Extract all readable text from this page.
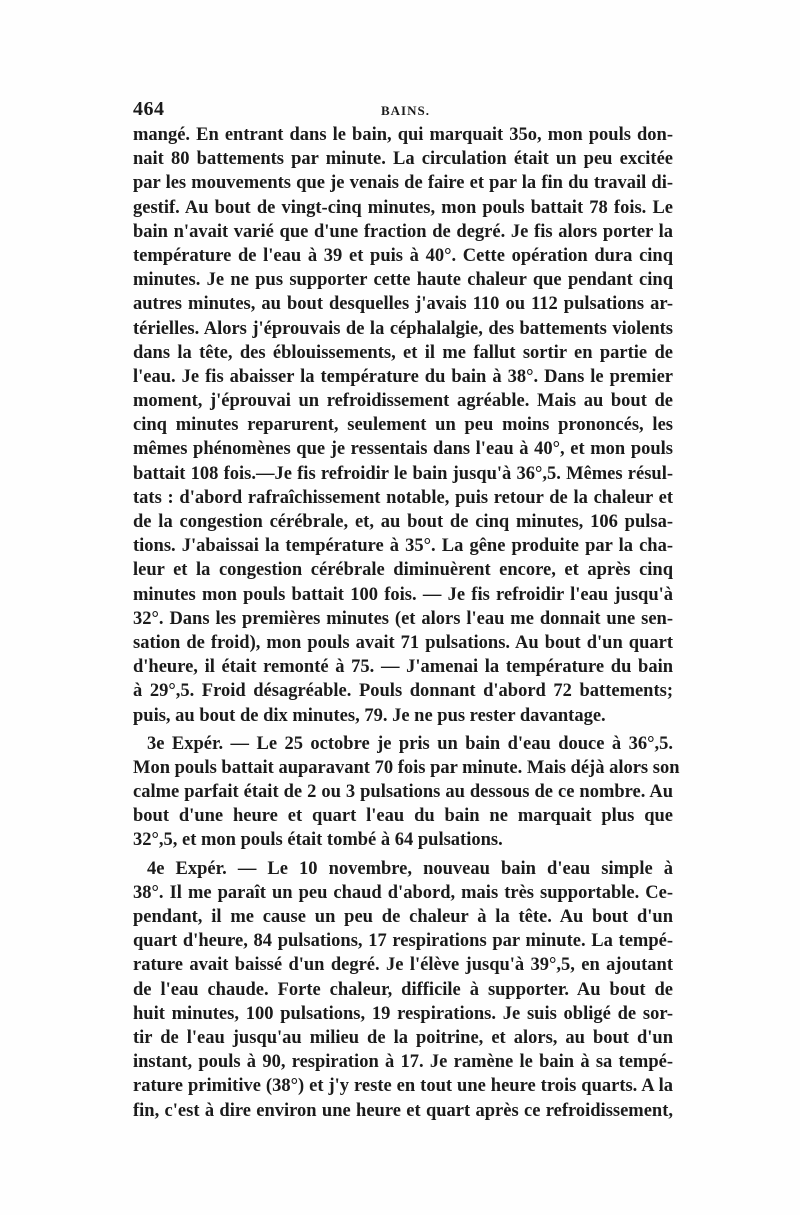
464	BAINS.
mangé. En entrant dans le bain, qui marquait 35o, mon pouls don-
nait 80 battements par minute. La circulation était un peu excitée
par les mouvements que je venais de faire et par la fin du travail di-
gestif. Au bout de vingt-cinq minutes, mon pouls battait 78 fois. Le
bain n'avait varié que d'une fraction de degré. Je fis alors porter la
température de l'eau à 39 et puis à 40°. Cette opération dura cinq
minutes. Je ne pus supporter cette haute chaleur que pendant cinq
autres minutes, au bout desquelles j'avais 110 ou 112 pulsations ar-
térielles. Alors j'éprouvais de la céphalalgie, des battements violents
dans la tête, des éblouissements, et il me fallut sortir en partie de
l'eau. Je fis abaisser la température du bain à 38°. Dans le premier
moment, j'éprouvai un refroidissement agréable. Mais au bout de
cinq minutes reparurent, seulement un peu moins prononcés, les
mêmes phénomènes que je ressentais dans l'eau à 40°, et mon pouls
battait 108 fois.—Je fis refroidir le bain jusqu'à 36°,5. Mêmes résul-
tats : d'abord rafraîchissement notable, puis retour de la chaleur et
de la congestion cérébrale, et, au bout de cinq minutes, 106 pulsa-
tions. J'abaissai la température à 35°. La gêne produite par la cha-
leur et la congestion cérébrale diminuèrent encore, et après cinq
minutes mon pouls battait 100 fois. — Je fis refroidir l'eau jusqu'à
32°. Dans les premières minutes (et alors l'eau me donnait une sen-
sation de froid), mon pouls avait 71 pulsations. Au bout d'un quart
d'heure, il était remonté à 75. — J'amenai la température du bain
à 29°,5. Froid désagréable. Pouls donnant d'abord 72 battements;
puis, au bout de dix minutes, 79. Je ne pus rester davantage.
3e Expér. — Le 25 octobre je pris un bain d'eau douce à 36°,5.
Mon pouls battait auparavant 70 fois par minute. Mais déjà alors son
calme parfait était de 2 ou 3 pulsations au dessous de ce nombre. Au
bout d'une heure et quart l'eau du bain ne marquait plus que
32°,5, et mon pouls était tombé à 64 pulsations.
4e Expér. — Le 10 novembre, nouveau bain d'eau simple à
38°. Il me paraît un peu chaud d'abord, mais très supportable. Ce-
pendant, il me cause un peu de chaleur à la tête. Au bout d'un
quart d'heure, 84 pulsations, 17 respirations par minute. La tempé-
rature avait baissé d'un degré. Je l'élève jusqu'à 39°,5, en ajoutant
de l'eau chaude. Forte chaleur, difficile à supporter. Au bout de
huit minutes, 100 pulsations, 19 respirations. Je suis obligé de sor-
tir de l'eau jusqu'au milieu de la poitrine, et alors, au bout d'un
instant, pouls à 90, respiration à 17. Je ramène le bain à sa tempé-
rature primitive (38°) et j'y reste en tout une heure trois quarts. A la
fin, c'est à dire environ une heure et quart après ce refroidissement,
